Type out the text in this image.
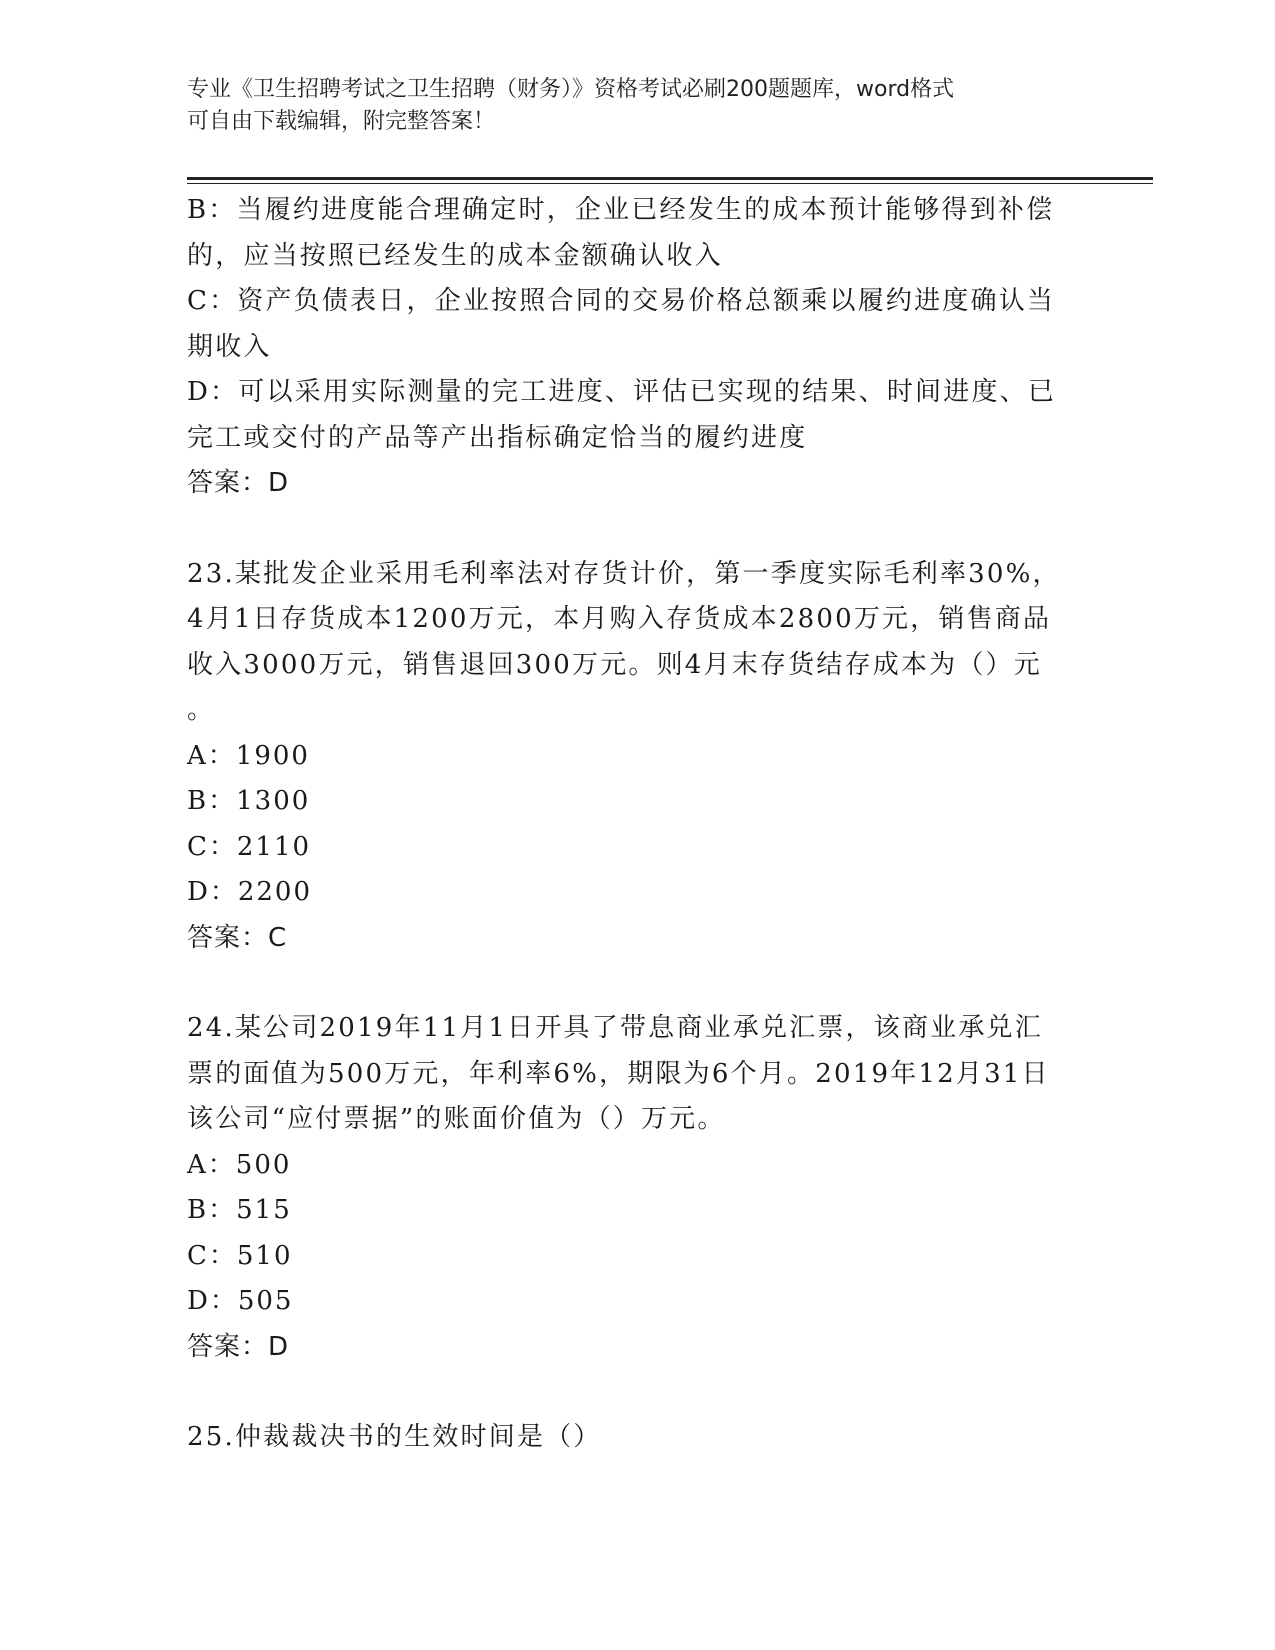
专业《卫生招聘考试之卫生招聘（财务）》资格考试必刷200题题库，word格式
可自由下载编辑，附完整答案！
B：当履约进度能合理确定时，企业已经发生的成本预计能够得到补偿
的，应当按照已经发生的成本金额确认收入
C：资产负债表日，企业按照合同的交易价格总额乘以履约进度确认当
期收入
D：可以采用实际测量的完工进度、评估已实现的结果、时间进度、已
完工或交付的产品等产出指标确定恰当的履约进度
答案：D
23.某批发企业采用毛利率法对存货计价，第一季度实际毛利率30%，
4月1日存货成本1200万元，本月购入存货成本2800万元，销售商品
收入3000万元，销售退回300万元。则4月末存货结存成本为（）元
。
A：1900
B：1300
C：2110
D：2200
答案：C
24.某公司2019年11月1日开具了带息商业承兑汇票，该商业承兑汇
票的面值为500万元，年利率6%，期限为6个月。2019年12月31日
该公司“应付票据”的账面价值为（）万元。
A：500
B：515
C：510
D：505
答案：D
25.仲裁裁决书的生效时间是（）
